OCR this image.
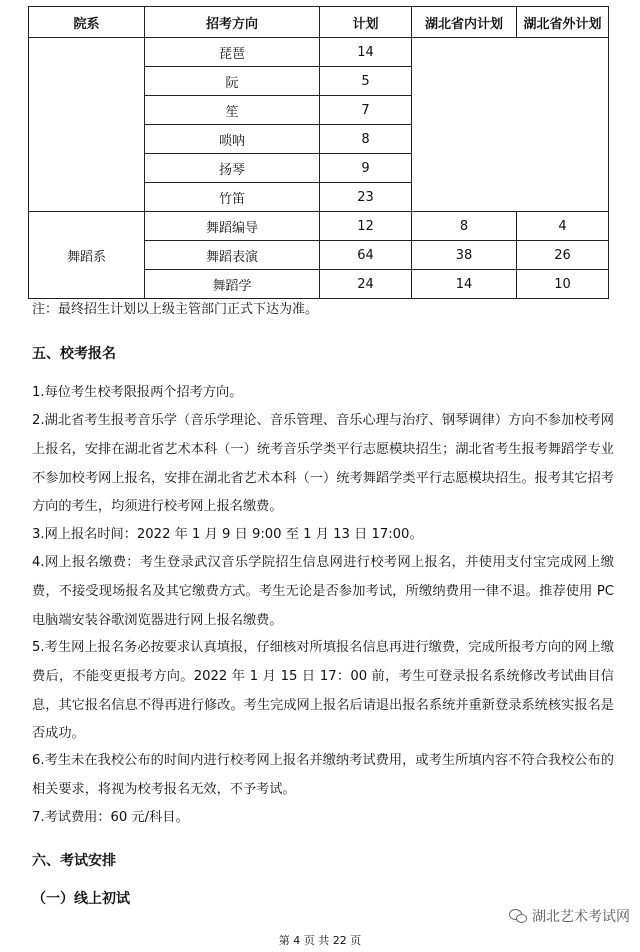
院系	招考方向	计划	湖北省内计划	湖北省外计划
	琵琶	14		
	阮	5		
	笙	7		
	唢呐	8		
	扬琴	9		
	竹笛	23		
舞蹈系	舞蹈编导	12	8	4
	舞蹈表演	64	38	26
	舞蹈学	24	14	10
注：最终招生计划以上级主管部门正式下达为准。
五、校考报名

1.每位考生校考限报两个招考方向。

2.湖北省考生报考音乐学（音乐学理论、音乐管理、音乐心理与治疗、钢琴调律）方向不参加校考网上报名，安排在湖北省艺术本科（一）统考音乐学类平行志愿模块招生；湖北省考生报考舞蹈学专业不参加校考网上报名，安排在湖北省艺术本科（一）统考舞蹈学类平行志愿模块招生。报考其它招考方向的考生，均须进行校考网上报名缴费。

3.网上报名时间：2022 年 1 月 9 日 9:00 至 1 月 13 日 17:00。

4.网上报名缴费：考生登录武汉音乐学院招生信息网进行校考网上报名，并使用支付宝完成网上缴费，不接受现场报名及其它缴费方式。考生无论是否参加考试，所缴纳费用一律不退。推荐使用 PC 电脑端安装谷歌浏览器进行网上报名缴费。

5.考生网上报名务必按要求认真填报，仔细核对所填报名信息再进行缴费，完成所报考方向的网上缴费后，不能变更报考方向。2022 年 1 月 15 日 17：00 前，考生可登录报名系统修改考试曲目信息，其它报名信息不得再进行修改。考生完成网上报名后请退出报名系统并重新登录系统核实报名是否成功。

6.考生未在我校公布的时间内进行校考网上报名并缴纳考试费用，或考生所填内容不符合我校公布的相关要求，将视为校考报名无效，不予考试。

7.考试费用：60 元/科目。

六、考试安排
（一）线上初试
湖北艺术考试网
第 4 页 共 22 页
